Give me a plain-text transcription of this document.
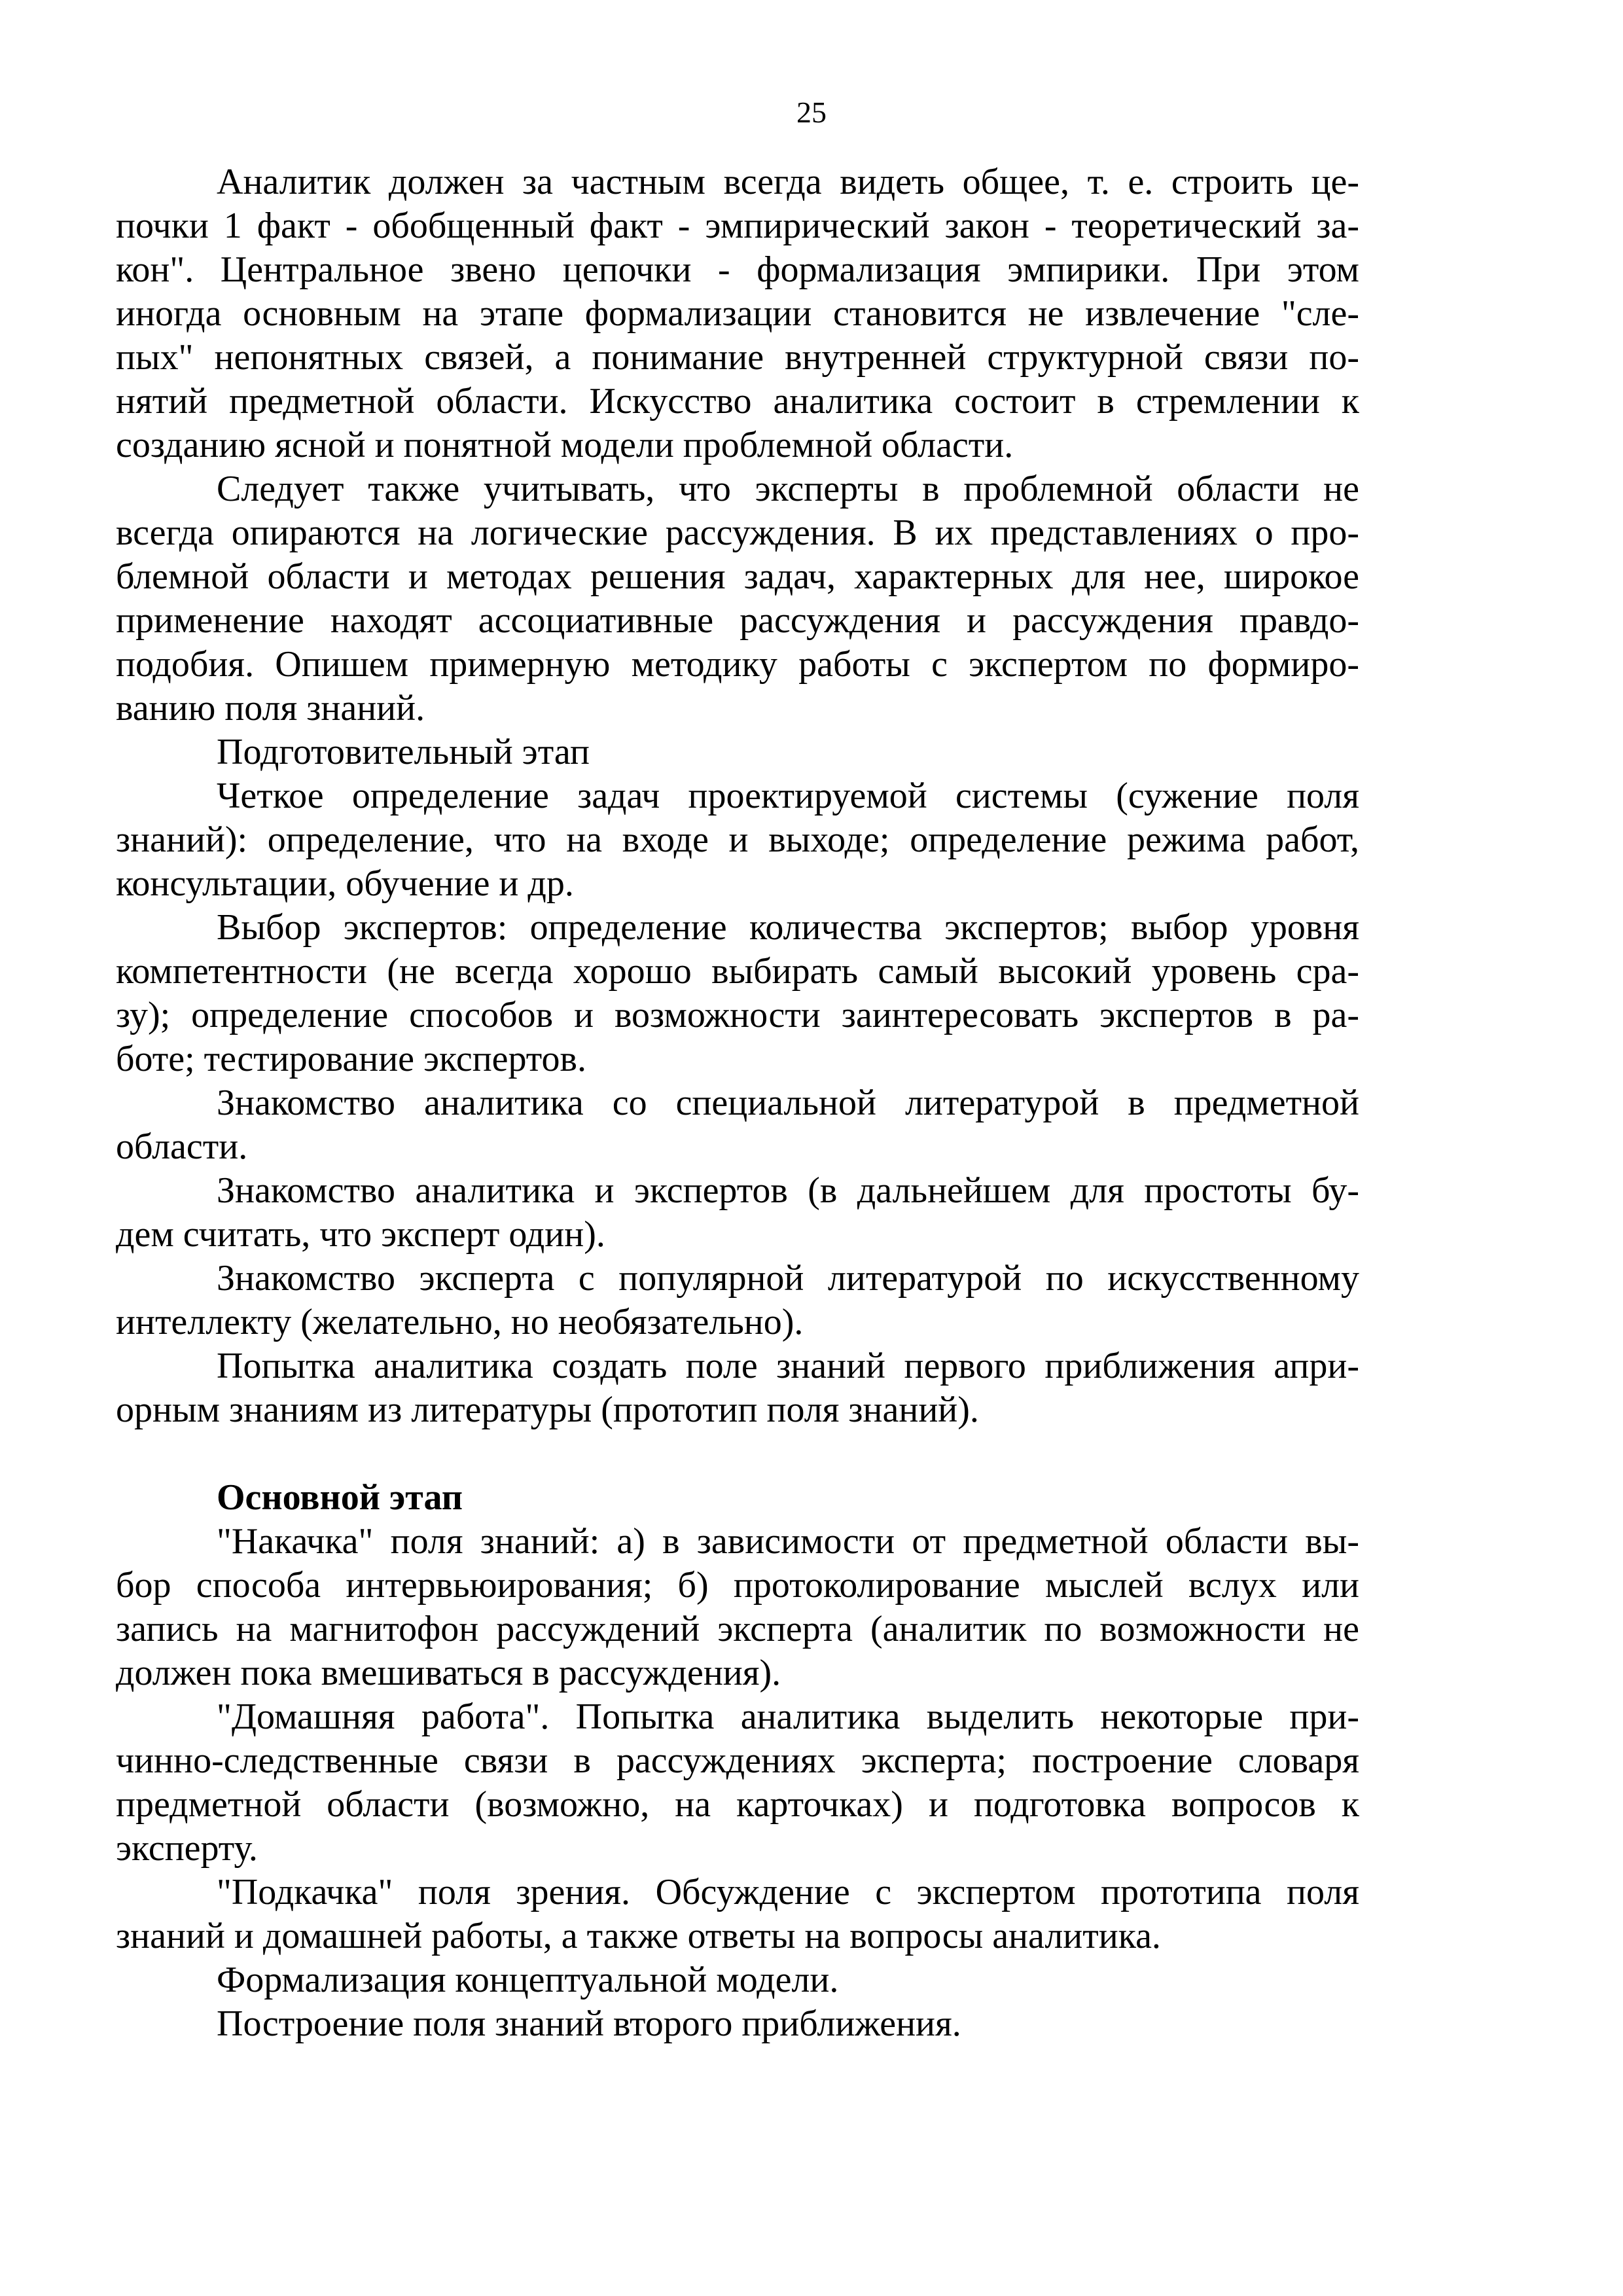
25
Аналитик должен за частным всегда видеть общее, т. е. строить це-
почки 1 факт - обобщенный факт - эмпирический закон - теоретический за-
кон". Центральное звено цепочки - формализация эмпирики. При этом
иногда основным на этапе формализации становится не извлечение "сле-
пых" непонятных связей, а понимание внутренней структурной связи по-
нятий предметной области. Искусство аналитика состоит в стремлении к
созданию ясной и понятной модели проблемной области.
Следует также учитывать, что эксперты в проблемной области не
всегда опираются на логические рассуждения. В их представлениях о про-
блемной области и методах решения задач, характерных для нее, широкое
применение находят ассоциативные рассуждения и рассуждения правдо-
подобия. Опишем примерную методику работы с экспертом по формиро-
ванию поля знаний.
Подготовительный этап
Четкое определение задач проектируемой системы (сужение поля
знаний): определение, что на входе и выходе; определение режима работ,
консультации, обучение и др.
Выбор экспертов: определение количества экспертов; выбор уровня
компетентности (не всегда хорошо выбирать самый высокий уровень сра-
зу); определение способов и возможности заинтересовать экспертов в ра-
боте; тестирование экспертов.
Знакомство аналитика со специальной литературой в предметной
области.
Знакомство аналитика и экспертов (в дальнейшем для простоты бу-
дем считать, что эксперт один).
Знакомство эксперта с популярной литературой по искусственному
интеллекту (желательно, но необязательно).
Попытка аналитика создать поле знаний первого приближения апри-
орным знаниям из литературы (прототип поля знаний).
Основной этап
"Накачка" поля знаний: а) в зависимости от предметной области вы-
бор способа интервьюирования; б) протоколирование мыслей вслух или
запись на магнитофон рассуждений эксперта (аналитик по возможности не
должен пока вмешиваться в рассуждения).
"Домашняя работа". Попытка аналитика выделить некоторые при-
чинно-следственные связи в рассуждениях эксперта; построение словаря
предметной области (возможно, на карточках) и подготовка вопросов к
эксперту.
"Подкачка" поля зрения. Обсуждение с экспертом прототипа поля
знаний и домашней работы, а также ответы на вопросы аналитика.
Формализация концептуальной модели.
Построение поля знаний второго приближения.
